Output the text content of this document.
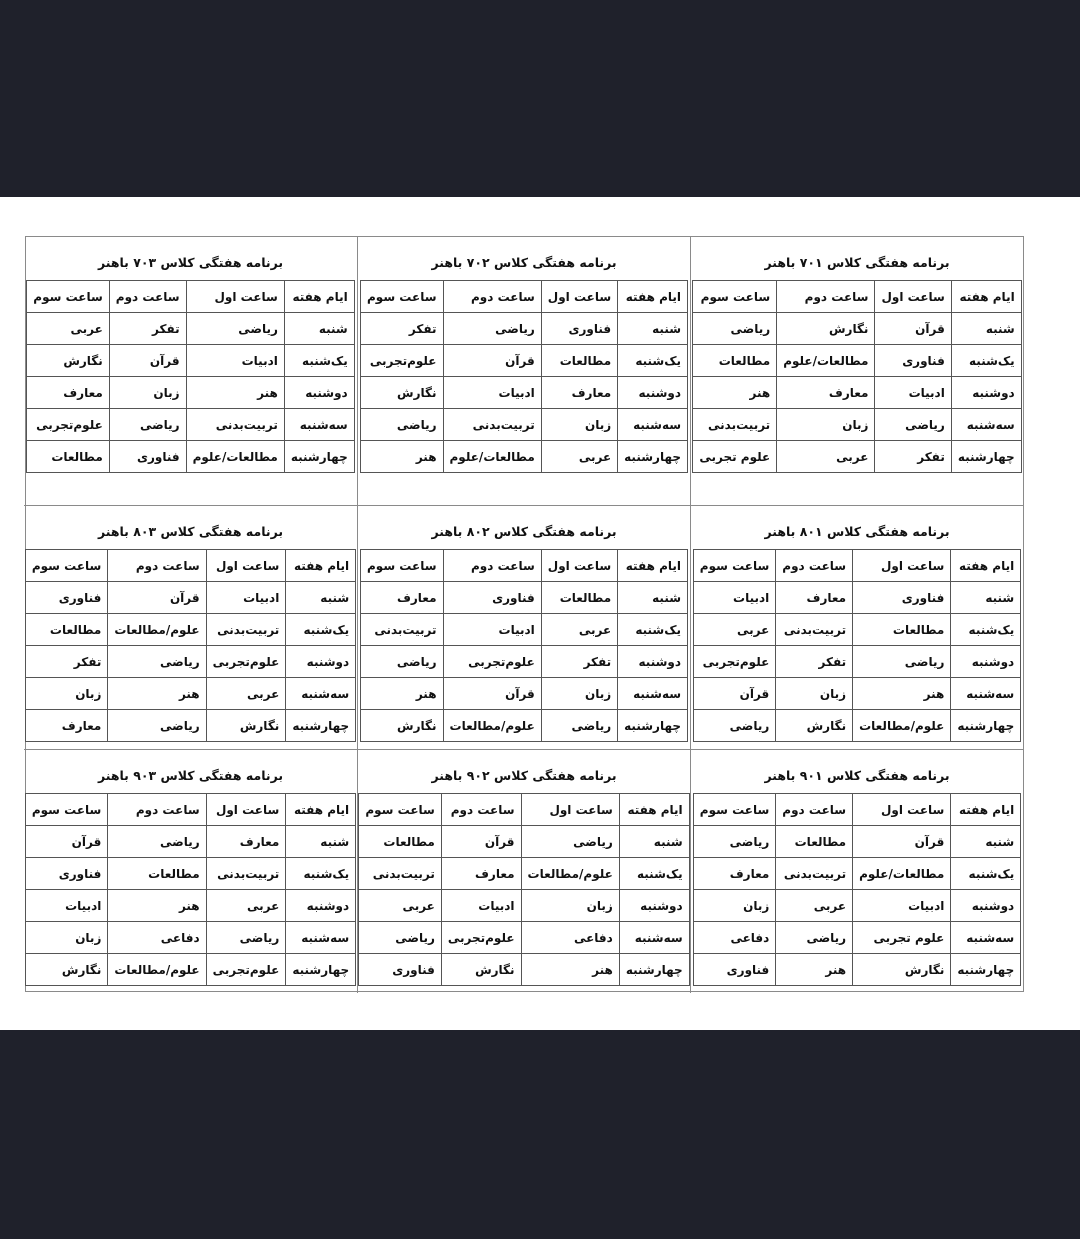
برنامه هفتگی کلاس ۷۰۱ باهنر
ایام هفته	ساعت اول	ساعت دوم	ساعت سوم
شنبه	قرآن	نگارش	ریاضی
یک‌شنبه	فناوری	مطالعات/علوم	مطالعات
دوشنبه	ادبیات	معارف	هنر
سه‌شنبه	ریاضی	زبان	تربیت‌بدنی
چهارشنبه	تفکر	عربی	علوم تجربی
برنامه هفتگی کلاس ۷۰۲ باهنر
ایام هفته	ساعت اول	ساعت دوم	ساعت سوم
شنبه	فناوری	ریاضی	تفکر
یک‌شنبه	مطالعات	قرآن	علوم‌تجربی
دوشنبه	معارف	ادبیات	نگارش
سه‌شنبه	زبان	تربیت‌بدنی	ریاضی
چهارشنبه	عربی	مطالعات/علوم	هنر
برنامه هفتگی کلاس ۷۰۳ باهنر
ایام هفته	ساعت اول	ساعت دوم	ساعت سوم
شنبه	ریاضی	تفکر	عربی
یک‌شنبه	ادبیات	قرآن	نگارش
دوشنبه	هنر	زبان	معارف
سه‌شنبه	تربیت‌بدنی	ریاضی	علوم‌تجربی
چهارشنبه	مطالعات/علوم	فناوری	مطالعات
برنامه هفتگی کلاس ۸۰۱ باهنر
ایام هفته	ساعت اول	ساعت دوم	ساعت سوم
شنبه	فناوری	معارف	ادبیات
یک‌شنبه	مطالعات	تربیت‌بدنی	عربی
دوشنبه	ریاضی	تفکر	علوم‌تجربی
سه‌شنبه	هنر	زبان	قرآن
چهارشنبه	علوم/مطالعات	نگارش	ریاضی
برنامه هفتگی کلاس ۸۰۲ باهنر
ایام هفته	ساعت اول	ساعت دوم	ساعت سوم
شنبه	مطالعات	فناوری	معارف
یک‌شنبه	عربی	ادبیات	تربیت‌بدنی
دوشنبه	تفکر	علوم‌تجربی	ریاضی
سه‌شنبه	زبان	قرآن	هنر
چهارشنبه	ریاضی	علوم/مطالعات	نگارش
برنامه هفتگی کلاس ۸۰۳ باهنر
ایام هفته	ساعت اول	ساعت دوم	ساعت سوم
شنبه	ادبیات	قرآن	فناوری
یک‌شنبه	تربیت‌بدنی	علوم/مطالعات	مطالعات
دوشنبه	علوم‌تجربی	ریاضی	تفکر
سه‌شنبه	عربی	هنر	زبان
چهارشنبه	نگارش	ریاضی	معارف
برنامه هفتگی کلاس ۹۰۱ باهنر
ایام هفته	ساعت اول	ساعت دوم	ساعت سوم
شنبه	قرآن	مطالعات	ریاضی
یک‌شنبه	مطالعات/علوم	تربیت‌بدنی	معارف
دوشنبه	ادبیات	عربی	زبان
سه‌شنبه	علوم تجربی	ریاضی	دفاعی
چهارشنبه	نگارش	هنر	فناوری
برنامه هفتگی کلاس ۹۰۲ باهنر
ایام هفته	ساعت اول	ساعت دوم	ساعت سوم
شنبه	ریاضی	قرآن	مطالعات
یک‌شنبه	علوم/مطالعات	معارف	تربیت‌بدنی
دوشنبه	زبان	ادبیات	عربی
سه‌شنبه	دفاعی	علوم‌تجربی	ریاضی
چهارشنبه	هنر	نگارش	فناوری
برنامه هفتگی کلاس ۹۰۳ باهنر
ایام هفته	ساعت اول	ساعت دوم	ساعت سوم
شنبه	معارف	ریاضی	قرآن
یک‌شنبه	تربیت‌بدنی	مطالعات	فناوری
دوشنبه	عربی	هنر	ادبیات
سه‌شنبه	ریاضی	دفاعی	زبان
چهارشنبه	علوم‌تجربی	علوم/مطالعات	نگارش
